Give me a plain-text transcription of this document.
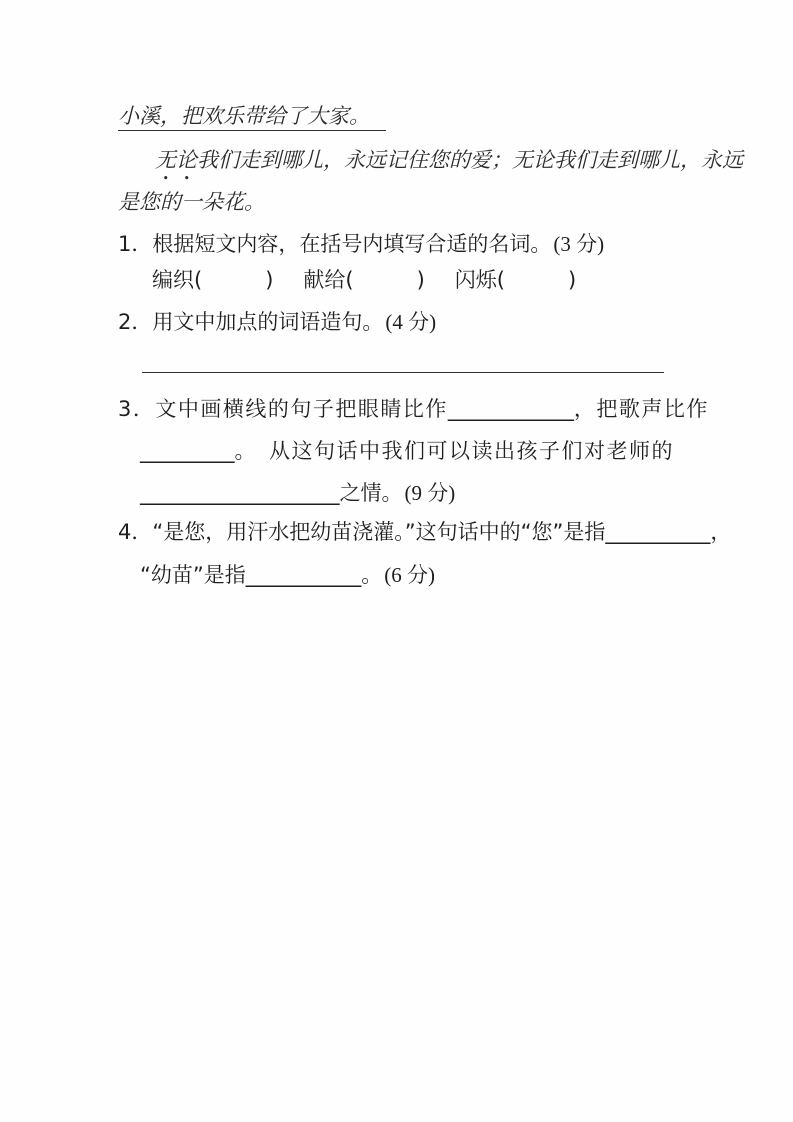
小溪，把欢乐带给了大家。
无论我们走到哪儿，永远记住您的爱；无论我们走到哪儿，永远
是您的一朵花。
1．根据短文内容，在括号内填写合适的名词。(3 分)
编织(　　　) 献给(　　　) 闪烁(　　　)
2．用文中加点的词语造句。(4 分)
3．文中画横线的句子把眼睛比作____________，把歌声比作
_________。　从这句话中我们可以读出孩子们对老师的
___________________之情。(9 分)
4．“是您，用汗水把幼苗浇灌。”这句话中的“您”是指__________，
“幼苗”是指___________。(6 分)
